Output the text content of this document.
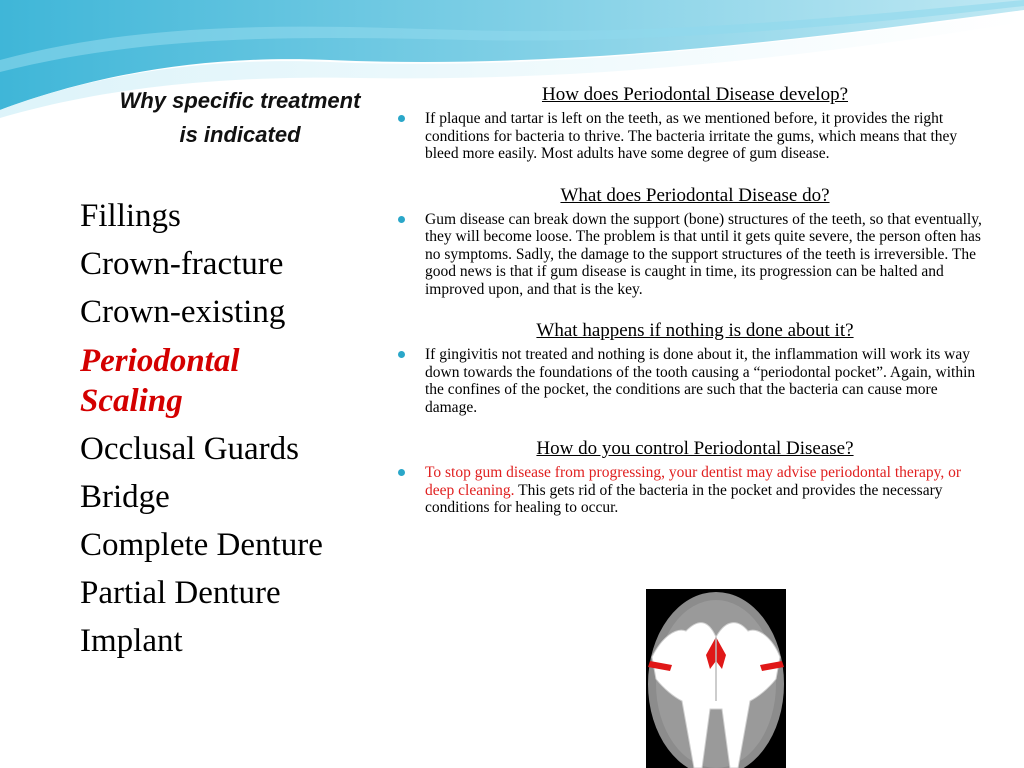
Why specific treatment
is indicated
Fillings
Crown-fracture
Crown-existing
Periodontal Scaling
Occlusal Guards
Bridge
Complete Denture
Partial Denture
Implant
How does Periodontal Disease develop?
If plaque and tartar is left on the teeth, as we mentioned before, it provides the right conditions for bacteria to thrive. The bacteria irritate the gums, which means that they bleed more easily. Most adults have some degree of gum disease.
What does Periodontal Disease do?
Gum disease can break down the support (bone) structures of the teeth, so that eventually, they will become loose. The problem is that until it gets quite severe, the person often has no symptoms. Sadly, the damage to the support structures of the teeth is irreversible. The good news is that if gum disease is caught in time, its progression can be halted and improved upon, and that is the key.
What happens if nothing is done about it?
If gingivitis not treated and nothing is done about it, the inflammation will work its way down towards the foundations of the tooth causing a “periodontal pocket”. Again, within the confines of the pocket, the conditions are such that the bacteria can cause more damage.
How do you control Periodontal Disease?
To stop gum disease from progressing, your dentist may advise periodontal therapy, or deep cleaning. This gets rid of the bacteria in the pocket and provides the necessary conditions for healing to occur.
